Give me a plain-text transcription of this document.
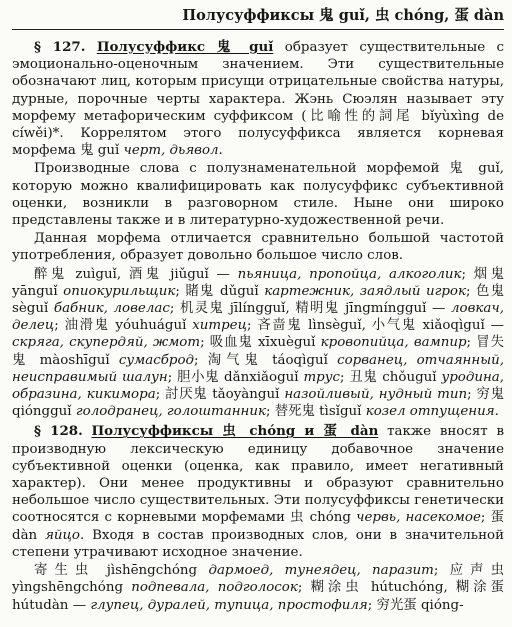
Полусуффиксы 鬼 guǐ, 虫 chóng, 蛋 dàn

§ 127. Полусуффикс 鬼 guǐ образует существительные с эмоционально-оценочным значением. Эти существительные обозначают лиц, которым присущи отрицательные свойства натуры, дурные, порочные черты характера. Жэнь Сюэлян называет эту морфему метафорическим суффиксом (比喻性的詞尾 bǐyùxìng de cíwěi)*. Коррелятом этого полусуффикса является корневая морфема 鬼 guǐ черт, дьявол.

Производные слова с полузнаменательной морфемой 鬼 guǐ, которую можно квалифицировать как полусуффикс субъективной оценки, возникли в разговорном стиле. Ныне они широко представлены также и в литературно-художественной речи.

Данная морфема отличается сравнительно большой частотой употребления, образует довольно большое число слов.

醉鬼 zuìguǐ, 酒鬼 jiǔguǐ — пьяница, пропойца, алкоголик; 烟鬼 yānguǐ опиокурильщик; 賭鬼 dǔguǐ картежник, заядлый игрок; 色鬼 sèguǐ бабник, ловелас; 机灵鬼 jīlíngguǐ, 精明鬼 jīngmíngguǐ — ловкач, делец; 油滑鬼 yóuhuáguǐ хитрец; 吝啬鬼 lìnsèguǐ, 小气鬼 xiǎoqìguǐ — скряга, скупердяй, жмот; 吸血鬼 xīxuèguǐ кровопийца, вампир; 冒失鬼 màoshīguǐ сумасброд; 淘气鬼 táoqìguǐ сорванец, отчаянный, неисправимый шалун; 胆小鬼 dǎnxiǎoguǐ трус; 丑鬼 chǒuguǐ уродина, образина, кикимора; 討厌鬼 tǎoyànguǐ назойливый, нудный тип; 穷鬼 qióngguǐ голодранец, голоштанник; 替死鬼 tìsǐguǐ козел отпущения.

§ 128. Полусуффиксы 虫 chóng и 蛋 dàn также вносят в производную лексическую единицу добавочное значение субъективной оценки (оценка, как правило, имеет негативный характер). Они менее продуктивны и образуют сравнительно небольшое число существительных. Эти полусуффиксы генетически соотносятся с корневыми морфемами 虫 chóng червь, насекомое; 蛋 dàn яйцо. Входя в состав производных слов, они в значительной степени утрачивают исходное значение.

寄生虫 jìshēngchóng дармоед, тунеядец, паразит; 应声虫 yìngshēngchóng подпевала, подголосок; 糊涂虫 hútuchóng, 糊涂蛋 hútudàn — глупец, дуралей, тупица, простофиля; 穷光蛋 qióng-
